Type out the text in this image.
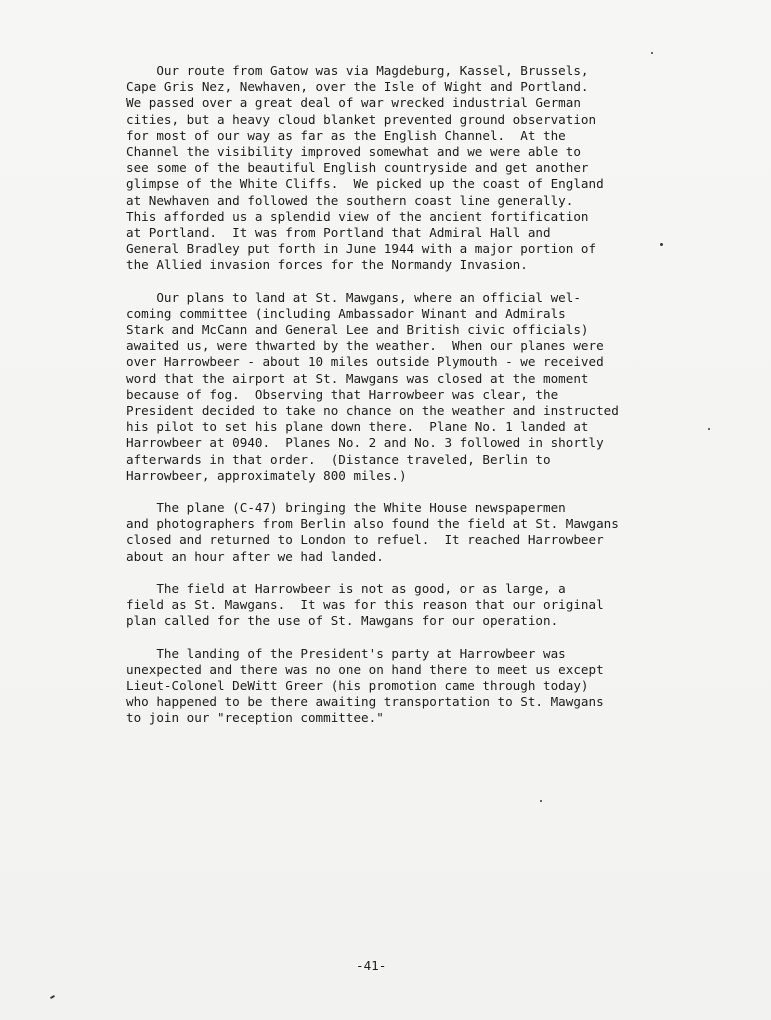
Our route from Gatow was via Magdeburg, Kassel, Brussels,
Cape Gris Nez, Newhaven, over the Isle of Wight and Portland.
We passed over a great deal of war wrecked industrial German
cities, but a heavy cloud blanket prevented ground observation
for most of our way as far as the English Channel.  At the
Channel the visibility improved somewhat and we were able to
see some of the beautiful English countryside and get another
glimpse of the White Cliffs.  We picked up the coast of England
at Newhaven and followed the southern coast line generally.
This afforded us a splendid view of the ancient fortification
at Portland.  It was from Portland that Admiral Hall and
General Bradley put forth in June 1944 with a major portion of
the Allied invasion forces for the Normandy Invasion.
Our plans to land at St. Mawgans, where an official wel-
coming committee (including Ambassador Winant and Admirals
Stark and McCann and General Lee and British civic officials)
awaited us, were thwarted by the weather.  When our planes were
over Harrowbeer - about 10 miles outside Plymouth - we received
word that the airport at St. Mawgans was closed at the moment
because of fog.  Observing that Harrowbeer was clear, the
President decided to take no chance on the weather and instructed
his pilot to set his plane down there.  Plane No. 1 landed at
Harrowbeer at 0940.  Planes No. 2 and No. 3 followed in shortly
afterwards in that order.  (Distance traveled, Berlin to
Harrowbeer, approximately 800 miles.)
The plane (C-47) bringing the White House newspapermen
and photographers from Berlin also found the field at St. Mawgans
closed and returned to London to refuel.  It reached Harrowbeer
about an hour after we had landed.
The field at Harrowbeer is not as good, or as large, a
field as St. Mawgans.  It was for this reason that our original
plan called for the use of St. Mawgans for our operation.
The landing of the President's party at Harrowbeer was
unexpected and there was no one on hand there to meet us except
Lieut-Colonel DeWitt Greer (his promotion came through today)
who happened to be there awaiting transportation to St. Mawgans
to join our "reception committee."
-41-
